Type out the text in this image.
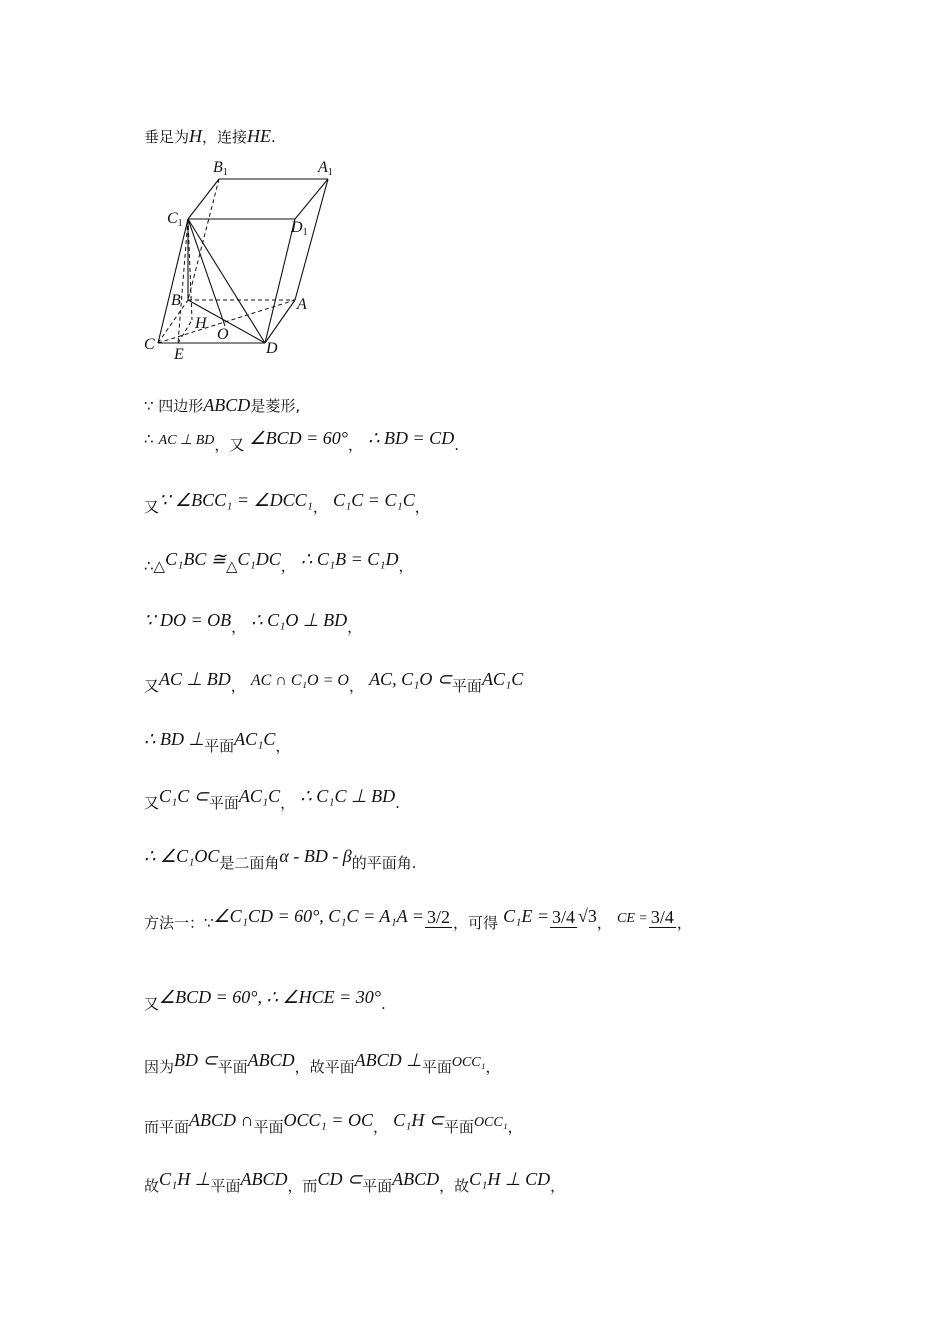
垂足为H，连接HE.
B1	A1
C1	D1
B	A
H
O
C
E	D
∵ 四边形ABCD是菱形,
∴ AC ⊥ BD，又 ∠BCD = 60°， ∴ BD = CD.
又∵ ∠BCC₁ = ∠DCC₁， C₁C = C₁C，
∴△C₁BC ≅△C₁DC， ∴ C₁B = C₁D，
∵ DO = OB， ∴ C₁O ⊥ BD，
又AC ⊥ BD， AC ∩ C₁O = O， AC, C₁O ⊂平面AC₁C
∴ BD ⊥平面AC₁C，
又C₁C ⊂平面AC₁C， ∴ C₁C ⊥ BD.
∴ ∠C₁OC是二面角α - BD - β的平面角.
方法一：∵∠C₁CD = 60°, C₁C = A₁A = 3/2 ，可得 C₁E = 3/4 √3， CE = 3/4 ，
又∠BCD = 60°, ∴ ∠HCE = 30°.
因为BD ⊂平面ABCD，故平面ABCD ⊥平面OCC₁，
而平面ABCD ∩平面OCC₁ = OC， C₁H ⊂平面OCC₁，
故C₁H ⊥平面ABCD，而CD ⊂平面ABCD，故C₁H ⊥ CD，
